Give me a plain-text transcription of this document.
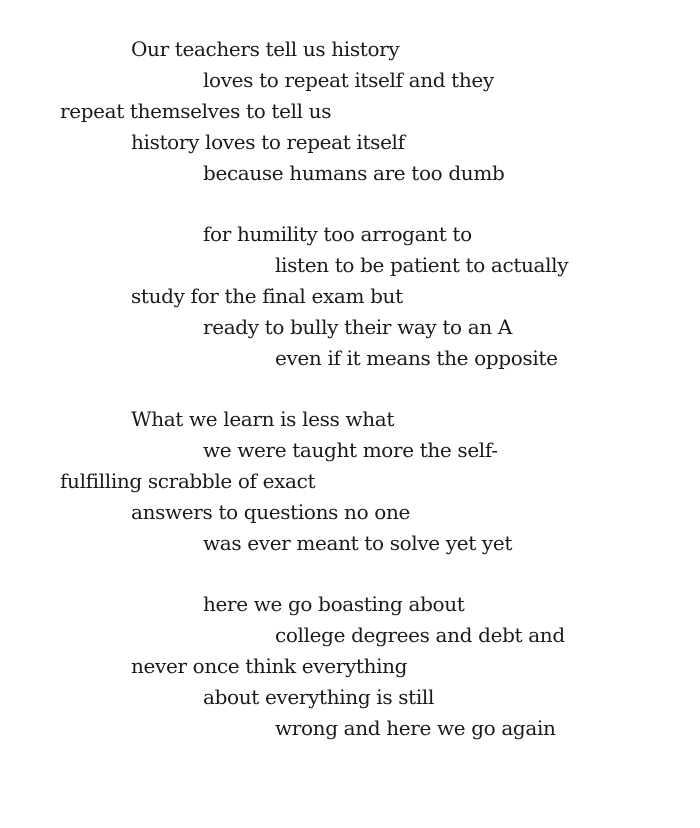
Our teachers tell us history
loves to repeat itself and they
repeat themselves to tell us
history loves to repeat itself
because humans are too dumb
for humility too arrogant to
listen to be patient to actually
study for the final exam but
ready to bully their way to an A
even if it means the opposite
What we learn is less what
we were taught more the self-
fulfilling scrabble of exact
answers to questions no one
was ever meant to solve yet yet
here we go boasting about
college degrees and debt and
never once think everything
about everything is still
wrong and here we go again
